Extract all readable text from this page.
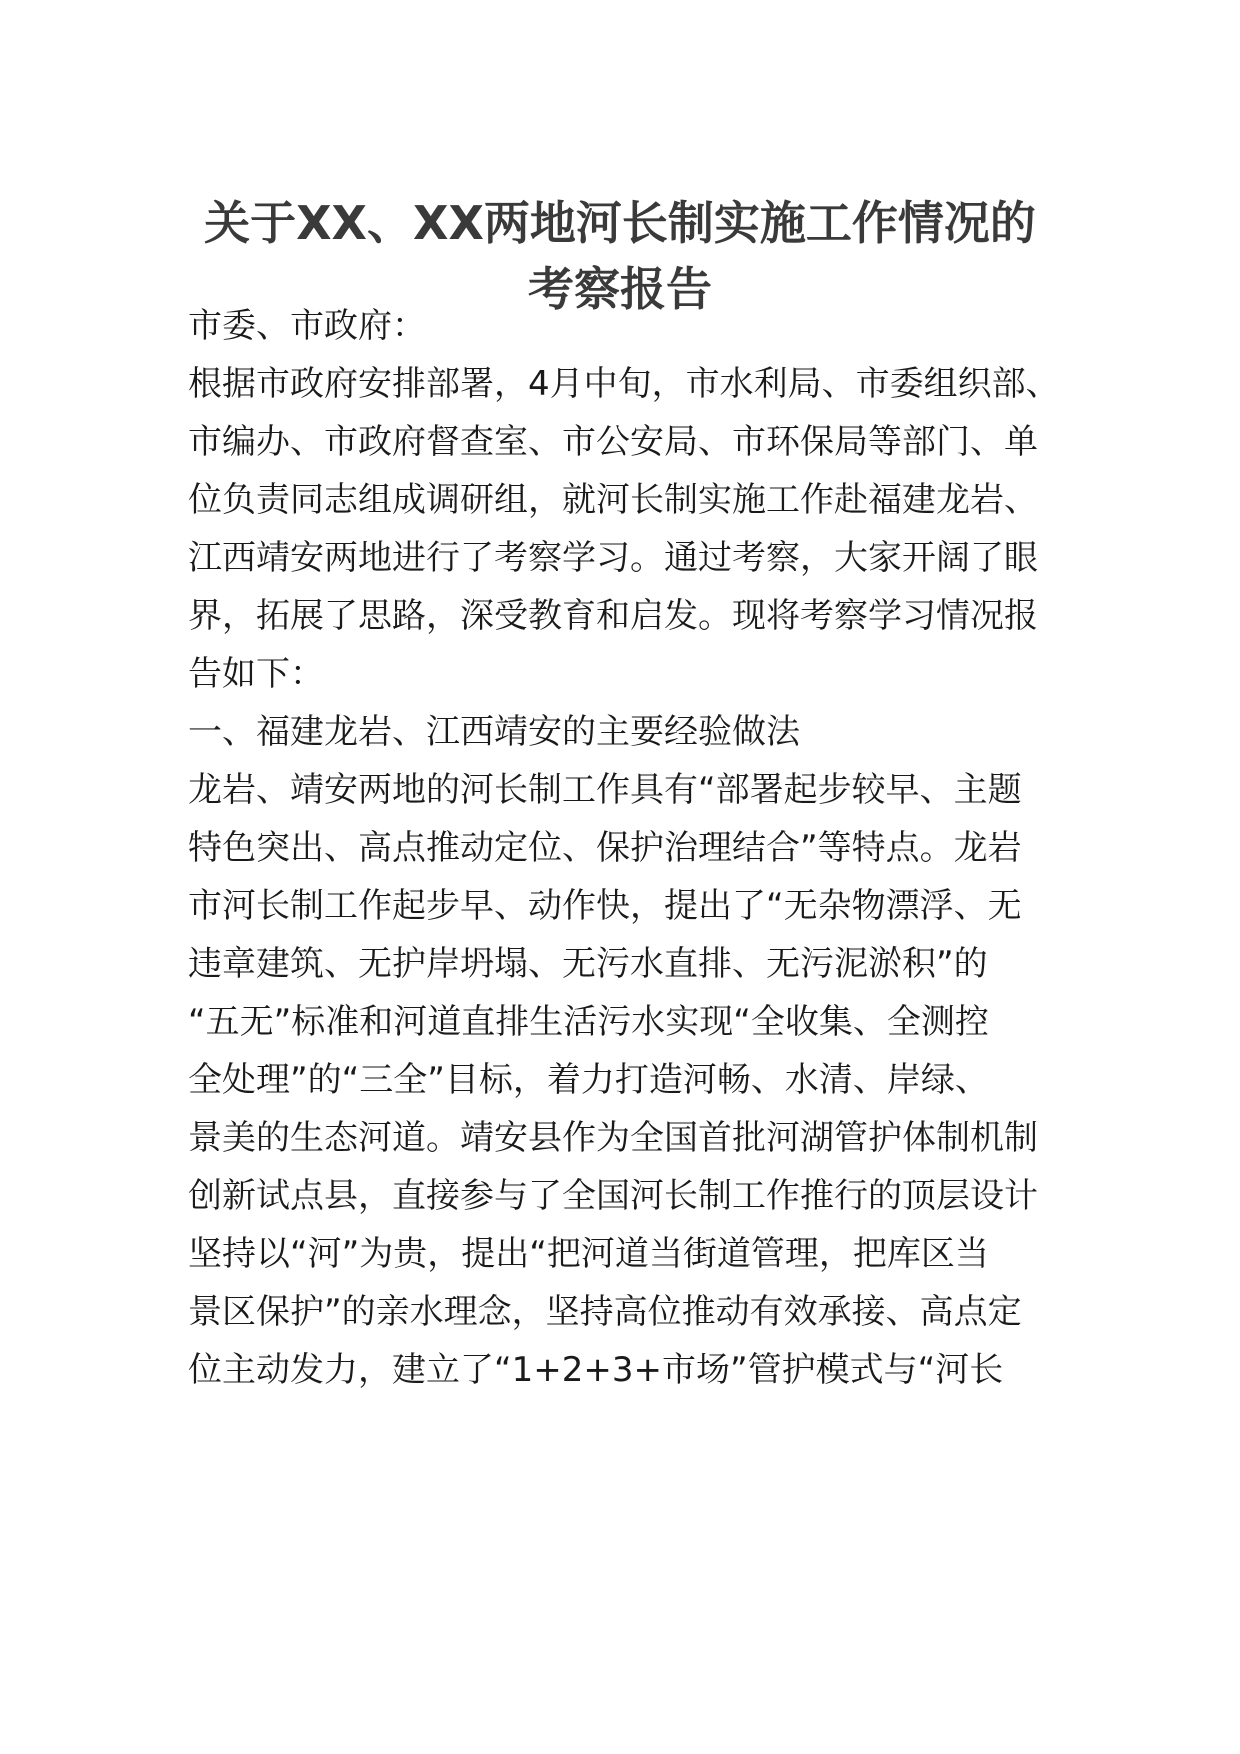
关于XX、XX两地河长制实施工作情况的
考察报告

市委、市政府：

根据市政府安排部署，4月中旬，市水利局、市委组织部、

市编办、市政府督查室、市公安局、市环保局等部门、单

位负责同志组成调研组，就河长制实施工作赴福建龙岩、

江西靖安两地进行了考察学习。通过考察，大家开阔了眼

界，拓展了思路，深受教育和启发。现将考察学习情况报

告如下：

一、福建龙岩、江西靖安的主要经验做法

龙岩、靖安两地的河长制工作具有“部署起步较早、主题

特色突出、高点推动定位、保护治理结合”等特点。龙岩

市河长制工作起步早、动作快，提出了“无杂物漂浮、无

违章建筑、无护岸坍塌、无污水直排、无污泥淤积”的

“五无”标准和河道直排生活污水实现“全收集、全测控

全处理”的“三全”目标，着力打造河畅、水清、岸绿、

景美的生态河道。靖安县作为全国首批河湖管护体制机制

创新试点县，直接参与了全国河长制工作推行的顶层设计

坚持以“河”为贵，提出“把河道当街道管理，把库区当

景区保护”的亲水理念，坚持高位推动有效承接、高点定

位主动发力，建立了“1+2+3+市场”管护模式与“河长
